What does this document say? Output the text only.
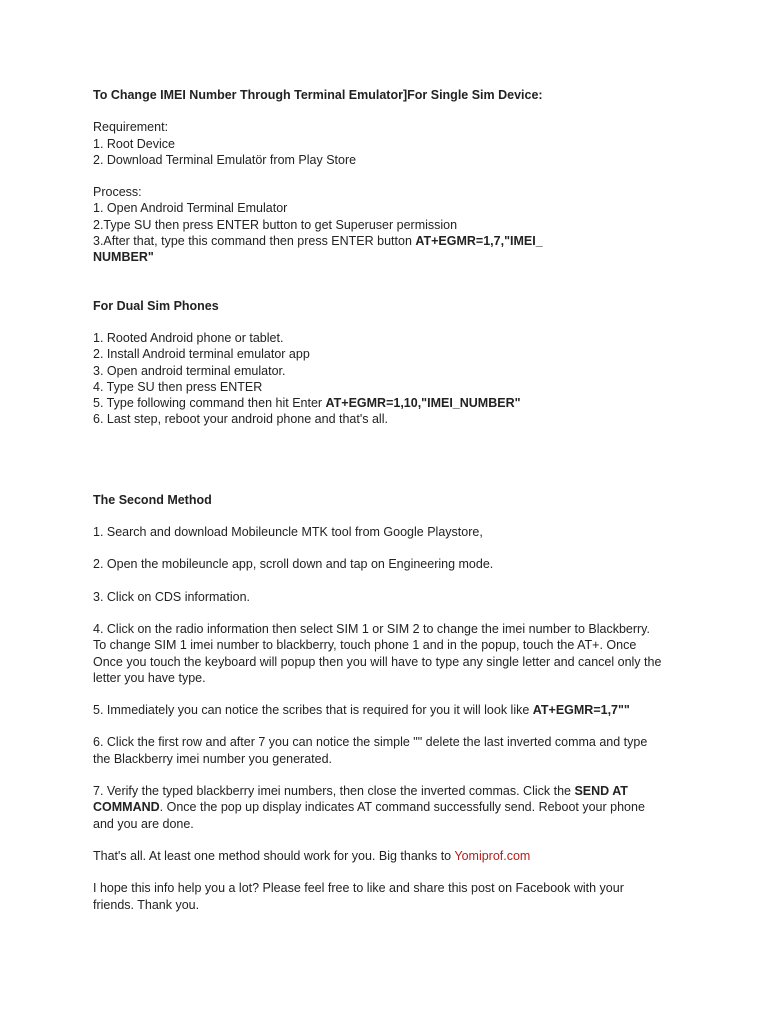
To Change IMEI Number Through Terminal Emulator]For Single Sim Device:

Requirement:

1. Root Device

2. Download Terminal Emulatör from Play Store

Process:

1. Open Android Terminal Emulator

2.Type SU then press ENTER button to get Superuser permission

3.After that, type this command then press ENTER button AT+EGMR=1,7,"IMEI_

NUMBER"

For Dual Sim Phones

1. Rooted Android phone or tablet.

2. Install Android terminal emulator app

3. Open android terminal emulator.

4. Type SU then press ENTER

5. Type following command then hit Enter AT+EGMR=1,10,"IMEI_NUMBER"

6. Last step, reboot your android phone and that's all.

The Second Method

1. Search and download Mobileuncle MTK tool from Google Playstore,

2. Open the mobileuncle app, scroll down and tap on Engineering mode.

3. Click on CDS information.

4. Click on the radio information then select SIM 1 or SIM 2 to change the imei number to Blackberry.

To change SIM 1 imei number to blackberry, touch phone 1 and in the popup, touch the AT+. Once

Once you touch the keyboard will popup then you will have to type any single letter and cancel only the

letter you have type.

5. Immediately you can notice the scribes that is required for you it will look like AT+EGMR=1,7""

6. Click the first row and after 7 you can notice the simple "" delete the last inverted comma and type

the Blackberry imei number you generated.

7. Verify the typed blackberry imei numbers, then close the inverted commas. Click the SEND AT

COMMAND. Once the pop up display indicates AT command successfully send. Reboot your phone

and you are done.

That's all. At least one method should work for you. Big thanks to Yomiprof.com

I hope this info help you a lot? Please feel free to like and share this post on Facebook with your

friends. Thank you.
